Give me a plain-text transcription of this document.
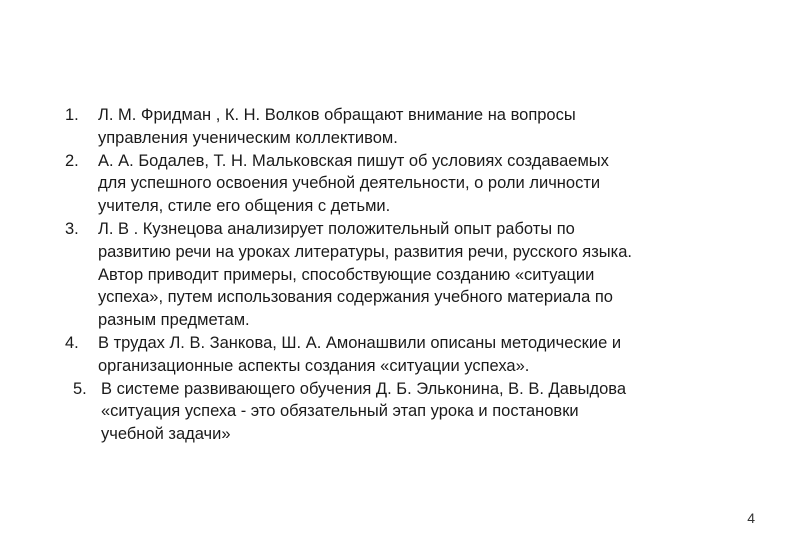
1.	Л. М. Фридман , К. Н. Волков обращают внимание на вопросы
управления ученическим коллективом.
2.	А. А. Бодалев, Т. Н. Мальковская пишут об условиях создаваемых
для успешного освоения учебной деятельности, о роли личности
учителя, стиле его общения с детьми.
3.	Л. В . Кузнецова анализирует положительный опыт работы по
развитию речи на уроках литературы, развития речи, русского языка.
Автор приводит примеры, способствующие созданию «ситуации
успеха», путем использования содержания учебного материала по
разным предметам.
4.	В трудах Л. В. Занкова, Ш. А. Амонашвили описаны методические и
организационные аспекты создания «ситуации успеха».
5. В системе развивающего обучения Д. Б. Эльконина, В. В. Давыдова
«ситуация успеха - это обязательный этап урока и постановки
учебной задачи»
4
